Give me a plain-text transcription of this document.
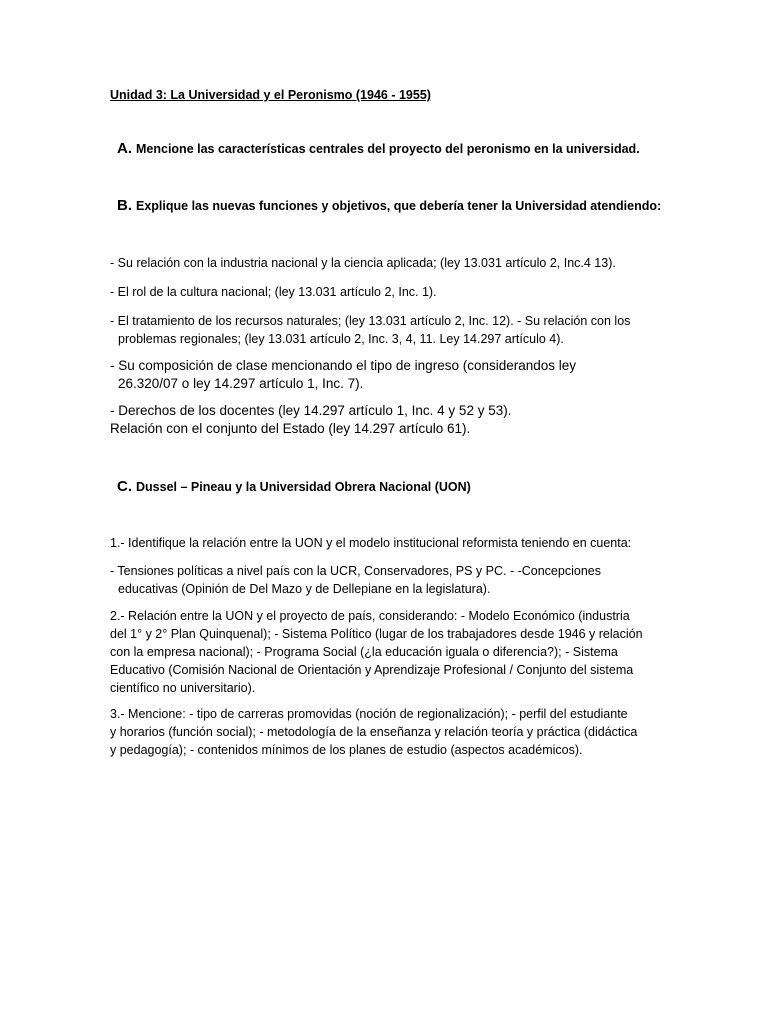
Unidad 3: La Universidad y el Peronismo (1946 - 1955)
A. Mencione las características centrales del proyecto del peronismo en la universidad.
B. Explique las nuevas funciones y objetivos, que debería tener la Universidad atendiendo:
- Su relación con la industria nacional y la ciencia aplicada; (ley 13.031 artículo 2, Inc.4 13).
- El rol de la cultura nacional; (ley 13.031 artículo 2, Inc. 1).
- El tratamiento de los recursos naturales; (ley 13.031 artículo 2, Inc. 12). - Su relación con los
problemas regionales; (ley 13.031 artículo 2, Inc. 3, 4, 11. Ley 14.297 artículo 4).
- Su composición de clase mencionando el tipo de ingreso (considerandos ley
26.320/07 o ley 14.297 artículo 1, Inc. 7).
- Derechos de los docentes (ley 14.297 artículo 1, Inc. 4 y 52 y 53).
Relación con el conjunto del Estado (ley 14.297 artículo 61).
C. Dussel – Pineau y la Universidad Obrera Nacional (UON)
1.- Identifique la relación entre la UON y el modelo institucional reformista teniendo en cuenta:
- Tensiones políticas a nivel país con la UCR, Conservadores, PS y PC. - -Concepciones
educativas (Opinión de Del Mazo y de Dellepiane en la legislatura).
2.- Relación entre la UON y el proyecto de país, considerando: - Modelo Económico (industria
del 1° y 2° Plan Quinquenal); - Sistema Político (lugar de los trabajadores desde 1946 y relación
con la empresa nacional); - Programa Social (¿la educación iguala o diferencia?); - Sistema
Educativo (Comisión Nacional de Orientación y Aprendizaje Profesional / Conjunto del sistema
científico no universitario).
3.- Mencione: - tipo de carreras promovidas (noción de regionalización); - perfil del estudiante
y horarios (función social); - metodología de la enseñanza y relación teoría y práctica (didáctica
y pedagogía); - contenidos mínimos de los planes de estudio (aspectos académicos).
